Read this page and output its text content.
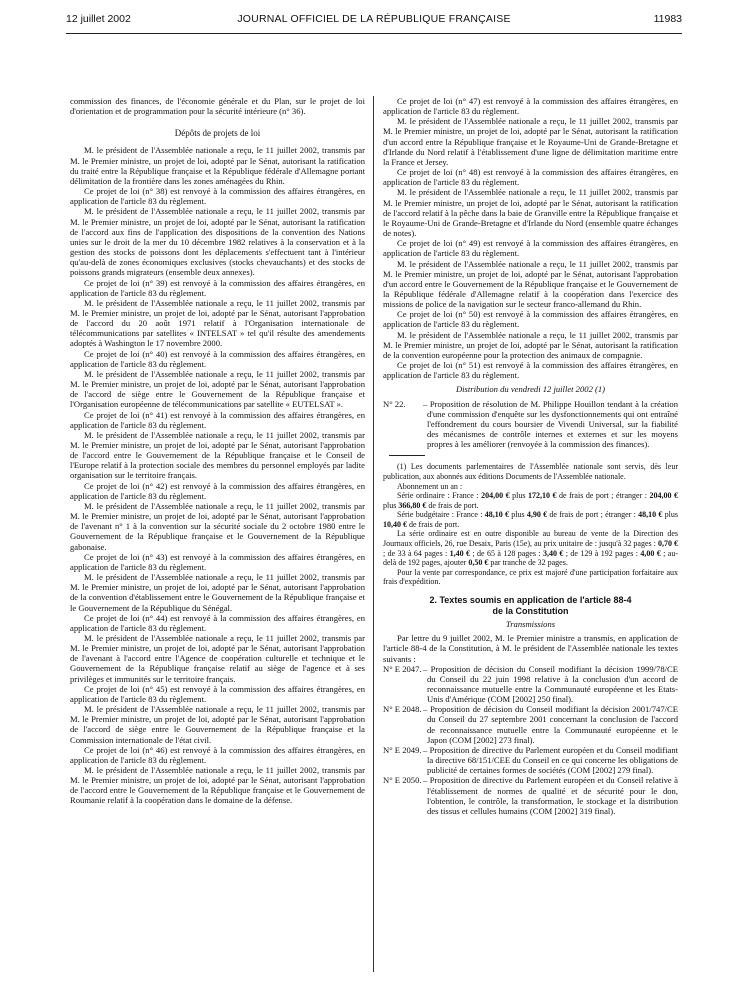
12 juillet 2002	JOURNAL OFFICIEL DE LA RÉPUBLIQUE FRANÇAISE	11983

commission des finances, de l'économie générale et du Plan, sur le projet de loi d'orientation et de programmation pour la sécurité intérieure (n° 36).

Dépôts de projets de loi

M. le président de l'Assemblée nationale a reçu, le 11 juillet 2002, transmis par M. le Premier ministre, un projet de loi, adopté par le Sénat, autorisant la ratification du traité entre la République française et la République fédérale d'Allemagne portant délimitation de la frontière dans les zones aménagées du Rhin.

Ce projet de loi (n° 38) est renvoyé à la commission des affaires étrangères, en application de l'article 83 du règlement.

M. le président de l'Assemblée nationale a reçu, le 11 juillet 2002, transmis par M. le Premier ministre, un projet de loi, adopté par le Sénat, autorisant la ratification de l'accord aux fins de l'application des dispositions de la convention des Nations unies sur le droit de la mer du 10 décembre 1982 relatives à la conservation et à la gestion des stocks de poissons dont les déplacements s'effectuent tant à l'intérieur qu'au-delà de zones économiques exclusives (stocks chevauchants) et des stocks de poissons grands migrateurs (ensemble deux annexes).

Ce projet de loi (n° 39) est renvoyé à la commission des affaires étrangères, en application de l'article 83 du règlement.

M. le président de l'Assemblée nationale a reçu, le 11 juillet 2002, transmis par M. le Premier ministre, un projet de loi, adopté par le Sénat, autorisant l'approbation de l'accord du 20 août 1971 relatif à l'Organisation internationale de télécommunications par satellites « INTELSAT » tel qu'il résulte des amendements adoptés à Washington le 17 novembre 2000.

Ce projet de loi (n° 40) est renvoyé à la commission des affaires étrangères, en application de l'article 83 du règlement.

M. le président de l'Assemblée nationale a reçu, le 11 juillet 2002, transmis par M. le Premier ministre, un projet de loi, adopté par le Sénat, autorisant l'approbation de l'accord de siège entre le Gouvernement de la République française et l'Organisation européenne de télécommunications par satellite « EUTELSAT ».

Ce projet de loi (n° 41) est renvoyé à la commission des affaires étrangères, en application de l'article 83 du règlement.

M. le président de l'Assemblée nationale a reçu, le 11 juillet 2002, transmis par M. le Premier ministre, un projet de loi, adopté par le Sénat, autorisant l'approbation de l'accord entre le Gouvernement de la République française et le Conseil de l'Europe relatif à la protection sociale des membres du personnel employés par ladite organisation sur le territoire français.

Ce projet de loi (n° 42) est renvoyé à la commission des affaires étrangères, en application de l'article 83 du règlement.

M. le président de l'Assemblée nationale a reçu, le 11 juillet 2002, transmis par M. le Premier ministre, un projet de loi, adopté par le Sénat, autorisant l'approbation de l'avenant n° 1 à la convention sur la sécurité sociale du 2 octobre 1980 entre le Gouvernement de la République française et le Gouvernement de la République gabonaise.

Ce projet de loi (n° 43) est renvoyé à la commission des affaires étrangères, en application de l'article 83 du règlement.

M. le président de l'Assemblée nationale a reçu, le 11 juillet 2002, transmis par M. le Premier ministre, un projet de loi, adopté par le Sénat, autorisant l'approbation de la convention d'établissement entre le Gouvernement de la République française et le Gouvernement de la République du Sénégal.

Ce projet de loi (n° 44) est renvoyé à la commission des affaires étrangères, en application de l'article 83 du règlement.

M. le président de l'Assemblée nationale a reçu, le 11 juillet 2002, transmis par M. le Premier ministre, un projet de loi, adopté par le Sénat, autorisant l'approbation de l'avenant à l'accord entre l'Agence de coopération culturelle et technique et le Gouvernement de la République française relatif au siège de l'agence et à ses privilèges et immunités sur le territoire français.

Ce projet de loi (n° 45) est renvoyé à la commission des affaires étrangères, en application de l'article 83 du règlement.

M. le président de l'Assemblée nationale a reçu, le 11 juillet 2002, transmis par M. le Premier ministre, un projet de loi, adopté par le Sénat, autorisant l'approbation de l'accord de siège entre le Gouvernement de la République française et la Commission internationale de l'état civil.

Ce projet de loi (n° 46) est renvoyé à la commission des affaires étrangères, en application de l'article 83 du règlement.

M. le président de l'Assemblée nationale a reçu, le 11 juillet 2002, transmis par M. le Premier ministre, un projet de loi, adopté par le Sénat, autorisant l'approbation de l'accord entre le Gouvernement de la République française et le Gouvernement de Roumanie relatif à la coopération dans le domaine de la défense.

Ce projet de loi (n° 47) est renvoyé à la commission des affaires étrangères, en application de l'article 83 du règlement.

M. le président de l'Assemblée nationale a reçu, le 11 juillet 2002, transmis par M. le Premier ministre, un projet de loi, adopté par le Sénat, autorisant la ratification d'un accord entre la République française et le Royaume-Uni de Grande-Bretagne et d'Irlande du Nord relatif à l'établissement d'une ligne de délimitation maritime entre la France et Jersey.

Ce projet de loi (n° 48) est renvoyé à la commission des affaires étrangères, en application de l'article 83 du règlement.

M. le président de l'Assemblée nationale a reçu, le 11 juillet 2002, transmis par M. le Premier ministre, un projet de loi, adopté par le Sénat, autorisant la ratification de l'accord relatif à la pêche dans la baie de Granville entre la République française et le Royaume-Uni de Grande-Bretagne et d'Irlande du Nord (ensemble quatre échanges de notes).

Ce projet de loi (n° 49) est renvoyé à la commission des affaires étrangères, en application de l'article 83 du règlement.

M. le président de l'Assemblée nationale a reçu, le 11 juillet 2002, transmis par M. le Premier ministre, un projet de loi, adopté par le Sénat, autorisant l'approbation d'un accord entre le Gouvernement de la République française et le Gouvernement de la République fédérale d'Allemagne relatif à la coopération dans l'exercice des missions de police de la navigation sur le secteur franco-allemand du Rhin.

Ce projet de loi (n° 50) est renvoyé à la commission des affaires étrangères, en application de l'article 83 du règlement.

M. le président de l'Assemblée nationale a reçu, le 11 juillet 2002, transmis par M. le Premier ministre, un projet de loi, adopté par le Sénat, autorisant la ratification de la convention européenne pour la protection des animaux de compagnie.

Ce projet de loi (n° 51) est renvoyé à la commission des affaires étrangères, en application de l'article 83 du règlement.

Distribution du vendredi 12 juillet 2002 (1)

N° 22. – Proposition de résolution de M. Philippe Houillon tendant à la création d'une commission d'enquête sur les dysfonctionnements qui ont entraîné l'effondrement du cours boursier de Vivendi Universal, sur la fiabilité des mécanismes de contrôle internes et externes et sur les moyens propres à les améliorer (renvoyée à la commission des finances).

(1) Les documents parlementaires de l'Assemblée nationale sont servis, dès leur publication, aux abonnés aux éditions Documents de l'Assemblée nationale.

Abonnement un an :

Série ordinaire : France : 204,00 € plus 172,10 € de frais de port ; étranger : 204,00 € plus 366,80 € de frais de port.

Série budgétaire : France : 48,10 € plus 4,90 € de frais de port ; étranger : 48,10 € plus 10,40 € de frais de port.

La série ordinaire est en outre disponible au bureau de vente de la Direction des Journaux officiels, 26, rue Desaix, Paris (15e), au prix unitaire de : jusqu'à 32 pages : 0,70 € ; de 33 à 64 pages : 1,40 € ; de 65 à 128 pages : 3,40 € ; de 129 à 192 pages : 4,00 € ; au-delà de 192 pages, ajouter 0,50 € par tranche de 32 pages.

Pour la vente par correspondance, ce prix est majoré d'une participation forfaitaire aux frais d'expédition.

2. Textes soumis en application de l'article 88-4
de la Constitution

Transmissions

Par lettre du 9 juillet 2002, M. le Premier ministre a transmis, en application de l'article 88-4 de la Constitution, à M. le président de l'Assemblée nationale les textes suivants :

N° E 2047.– Proposition de décision du Conseil modifiant la décision 1999/78/CE du Conseil du 22 juin 1998 relative à la conclusion d'un accord de reconnaissance mutuelle entre la Communauté européenne et les Etats-Unis d'Amérique (COM [2002] 250 final).

N° E 2048.– Proposition de décision du Conseil modifiant la décision 2001/747/CE du Conseil du 27 septembre 2001 concernant la conclusion de l'accord de reconnaissance mutuelle entre la Communauté européenne et le Japon (COM [2002] 273 final).

N° E 2049.– Proposition de directive du Parlement européen et du Conseil modifiant la directive 68/151/CEE du Conseil en ce qui concerne les obligations de publicité de certaines formes de sociétés (COM [2002] 279 final).

N° E 2050.– Proposition de directive du Parlement européen et du Conseil relative à l'établissement de normes de qualité et de sécurité pour le don, l'obtention, le contrôle, la transformation, le stockage et la distribution des tissus et cellules humains (COM [2002] 319 final).
